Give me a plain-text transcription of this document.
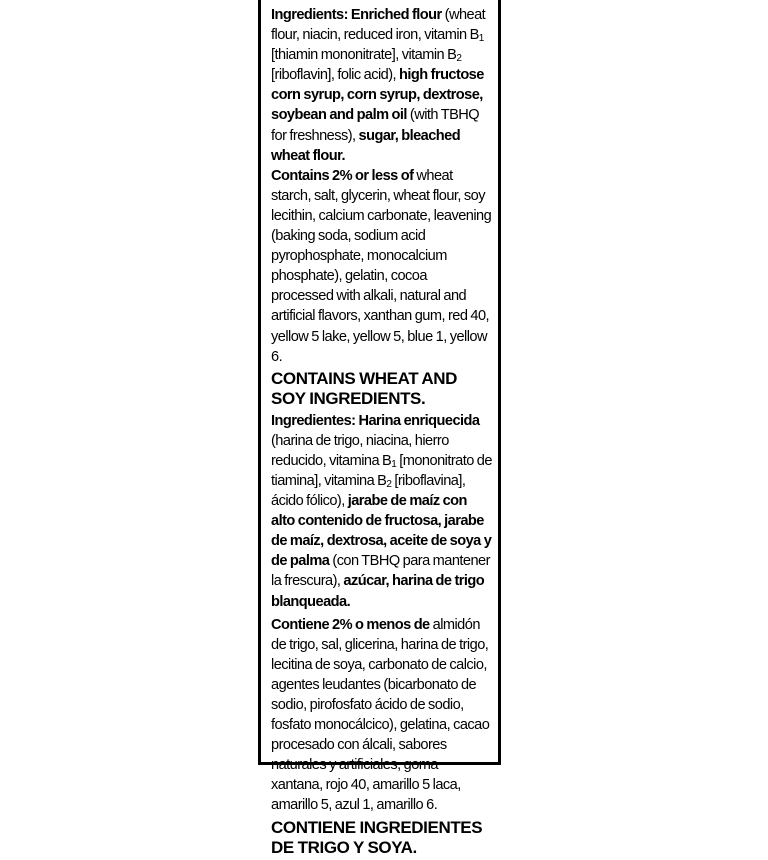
Ingredients: Enriched flour (wheat flour, niacin, reduced iron, vitamin $B_1$ [thiamin mononitrate], vitamin $B_2$ [riboflavin], folic acid), high fructose corn syrup, corn syrup, dextrose, soybean and palm oil (with TBHQ for freshness), sugar, bleached wheat flour.

Contains 2% or less of wheat starch, salt, glycerin, wheat flour, soy lecithin, calcium carbonate, leavening (baking soda, sodium acid pyrophosphate, monocalcium phosphate), gelatin, cocoa processed with alkali, natural and artificial flavors, xanthan gum, red 40, yellow 5 lake, yellow 5, blue 1, yellow 6.

CONTAINS WHEAT AND SOY INGREDIENTS.

Ingredientes: Harina enriquecida (harina de trigo, niacina, hierro reducido, vitamina $B_1$ [mononitrato de tiamina], vitamina $B_2$ [riboflavina], ácido fólico), jarabe de maíz con alto contenido de fructosa, jarabe de maíz, dextrosa, aceite de soya y de palma (con TBHQ para mantener la frescura), azúcar, harina de trigo blanqueada.

Contiene 2% o menos de almidón de trigo, sal, glicerina, harina de trigo, lecitina de soya, carbonato de calcio, agentes leudantes (bicarbonato de sodio, pirofosfato ácido de sodio, fosfato monocálcico), gelatina, cacao procesado con álcali, sabores naturales y artificiales, goma xantana, rojo 40, amarillo 5 laca, amarillo 5, azul 1, amarillo 6.

CONTIENE INGREDIENTES DE TRIGO Y SOYA.
